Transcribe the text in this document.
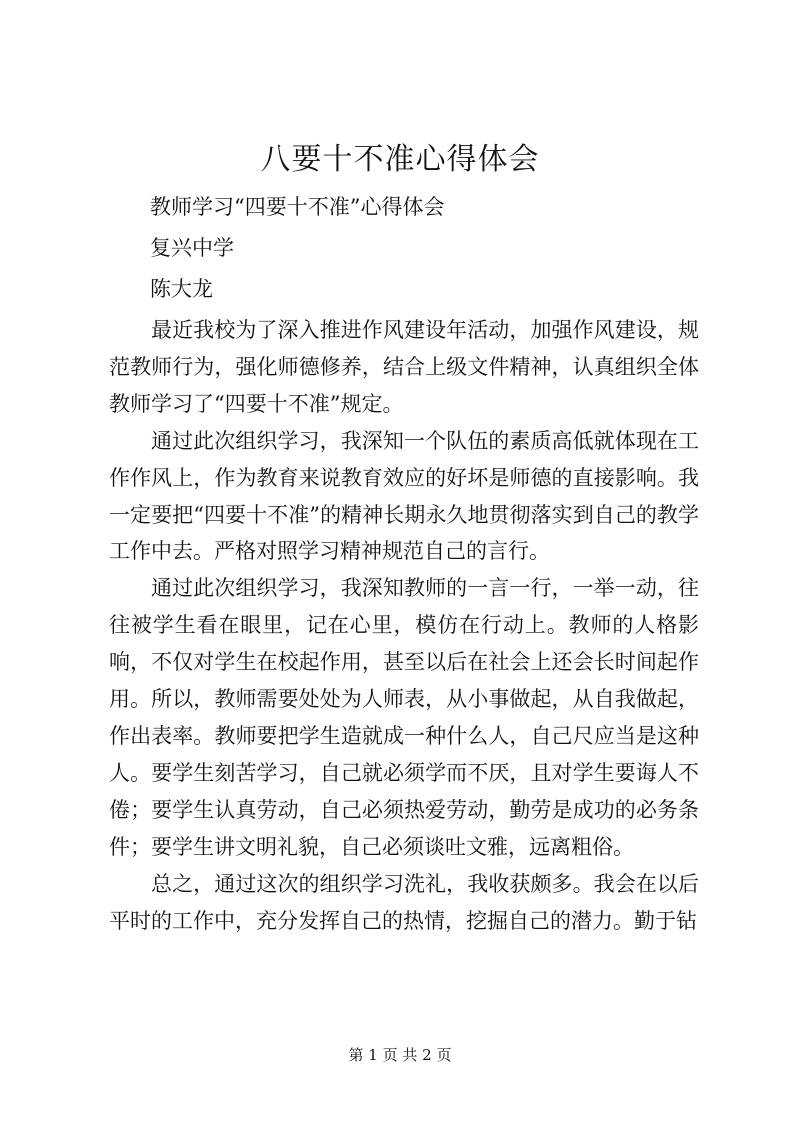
八要十不准心得体会

教师学习“四要十不准”心得体会

复兴中学

陈大龙

最近我校为了深入推进作风建设年活动，加强作风建设，规范教师行为，强化师德修养，结合上级文件精神，认真组织全体教师学习了“四要十不准”规定。

通过此次组织学习，我深知一个队伍的素质高低就体现在工作作风上，作为教育来说教育效应的好坏是师德的直接影响。我一定要把“四要十不准”的精神长期永久地贯彻落实到自己的教学工作中去。严格对照学习精神规范自己的言行。

通过此次组织学习，我深知教师的一言一行，一举一动，往往被学生看在眼里，记在心里，模仿在行动上。教师的人格影响，不仅对学生在校起作用，甚至以后在社会上还会长时间起作用。所以，教师需要处处为人师表，从小事做起，从自我做起，作出表率。教师要把学生造就成一种什么人，自己尺应当是这种人。要学生刻苦学习，自己就必须学而不厌，且对学生要诲人不倦；要学生认真劳动，自己必须热爱劳动，勤劳是成功的必务条件；要学生讲文明礼貌，自己必须谈吐文雅，远离粗俗。

总之，通过这次的组织学习洗礼，我收获颇多。我会在以后平时的工作中，充分发挥自己的热情，挖掘自己的潜力。勤于钻

第 1 页 共 2 页
